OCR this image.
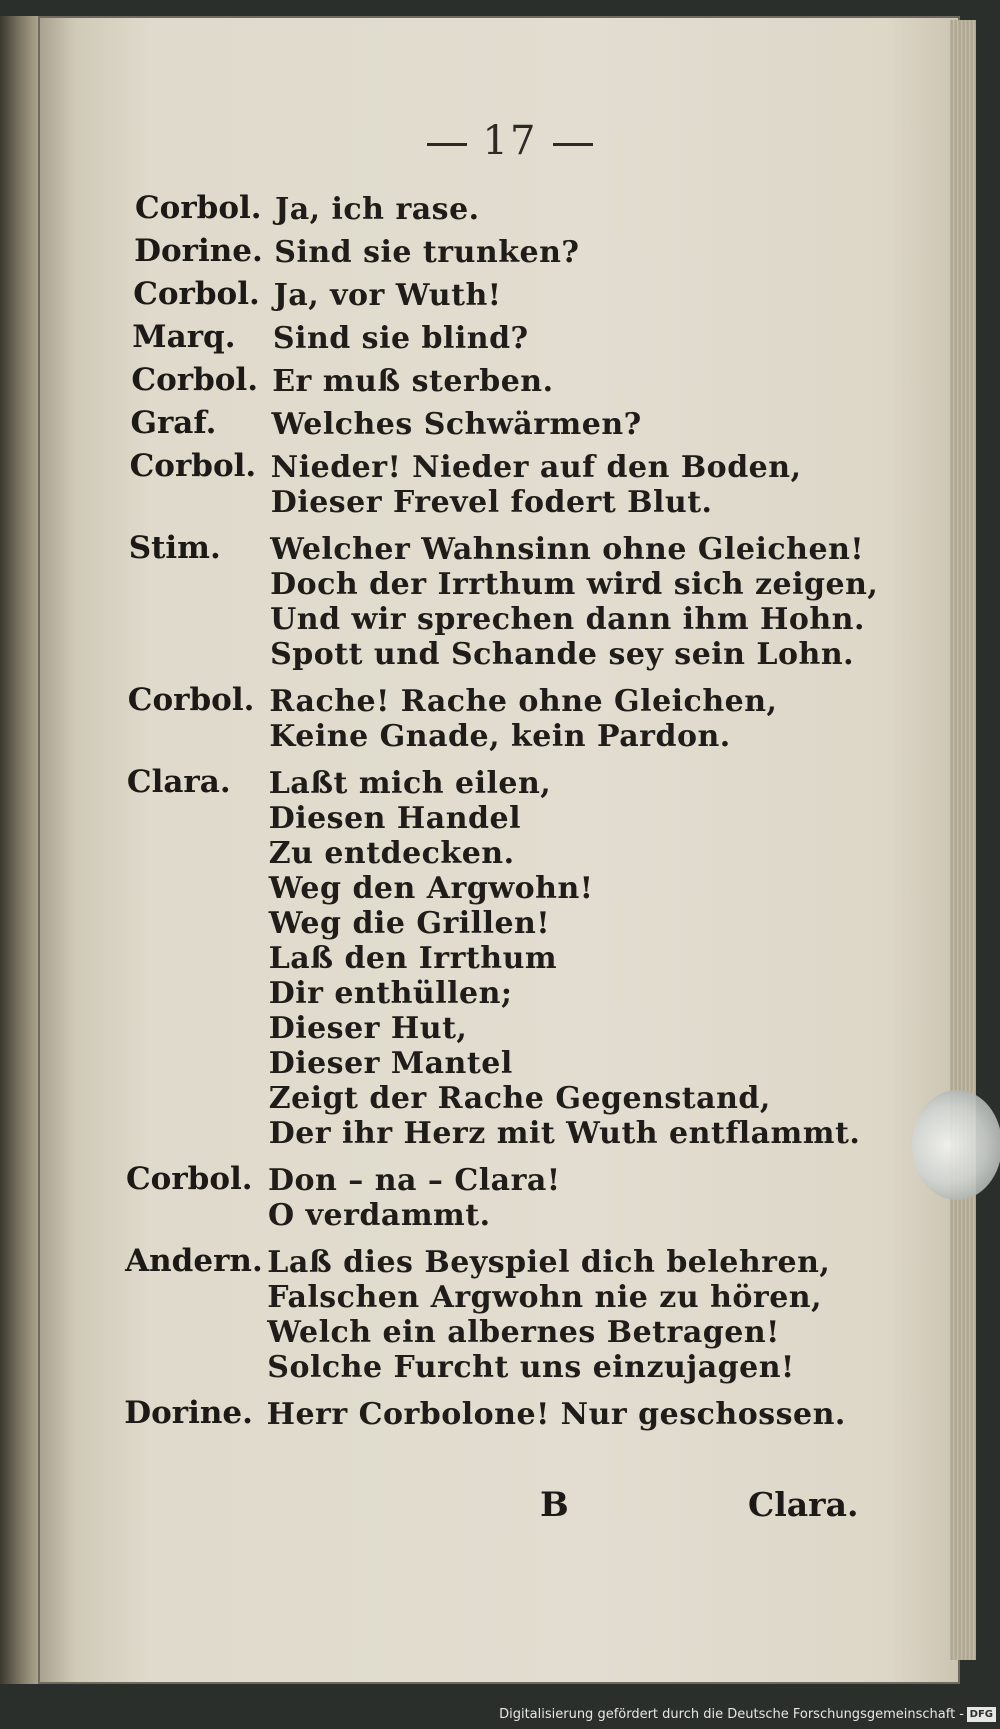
17
Corbol. Ja, ich rase.
Dorine. Sind sie trunken?
Corbol. Ja, vor Wuth!
Marq. Sind sie blind?
Corbol. Er muß sterben.
Graf. Welches Schwärmen?
Corbol. Nieder! Nieder auf den Boden,
Dieser Frevel fodert Blut.
Stim. Welcher Wahnsinn ohne Gleichen!
Doch der Irrthum wird sich zeigen,
Und wir sprechen dann ihm Hohn.
Spott und Schande sey sein Lohn.
Corbol. Rache! Rache ohne Gleichen,
Keine Gnade, kein Pardon.
Clara. Laßt mich eilen,
Diesen Handel
Zu entdecken.
Weg den Argwohn!
Weg die Grillen!
Laß den Irrthum
Dir enthüllen;
Dieser Hut,
Dieser Mantel
Zeigt der Rache Gegenstand,
Der ihr Herz mit Wuth entflammt.
Corbol. Don – na – Clara!
O verdammt.
Andern. Laß dies Beyspiel dich belehren,
Falschen Argwohn nie zu hören,
Welch ein albernes Betragen!
Solche Furcht uns einzujagen!
Dorine. Herr Corbolone! Nur geschossen.
B	Clara.
Digitalisierung gefördert durch die Deutsche Forschungsgemeinschaft - DFG
